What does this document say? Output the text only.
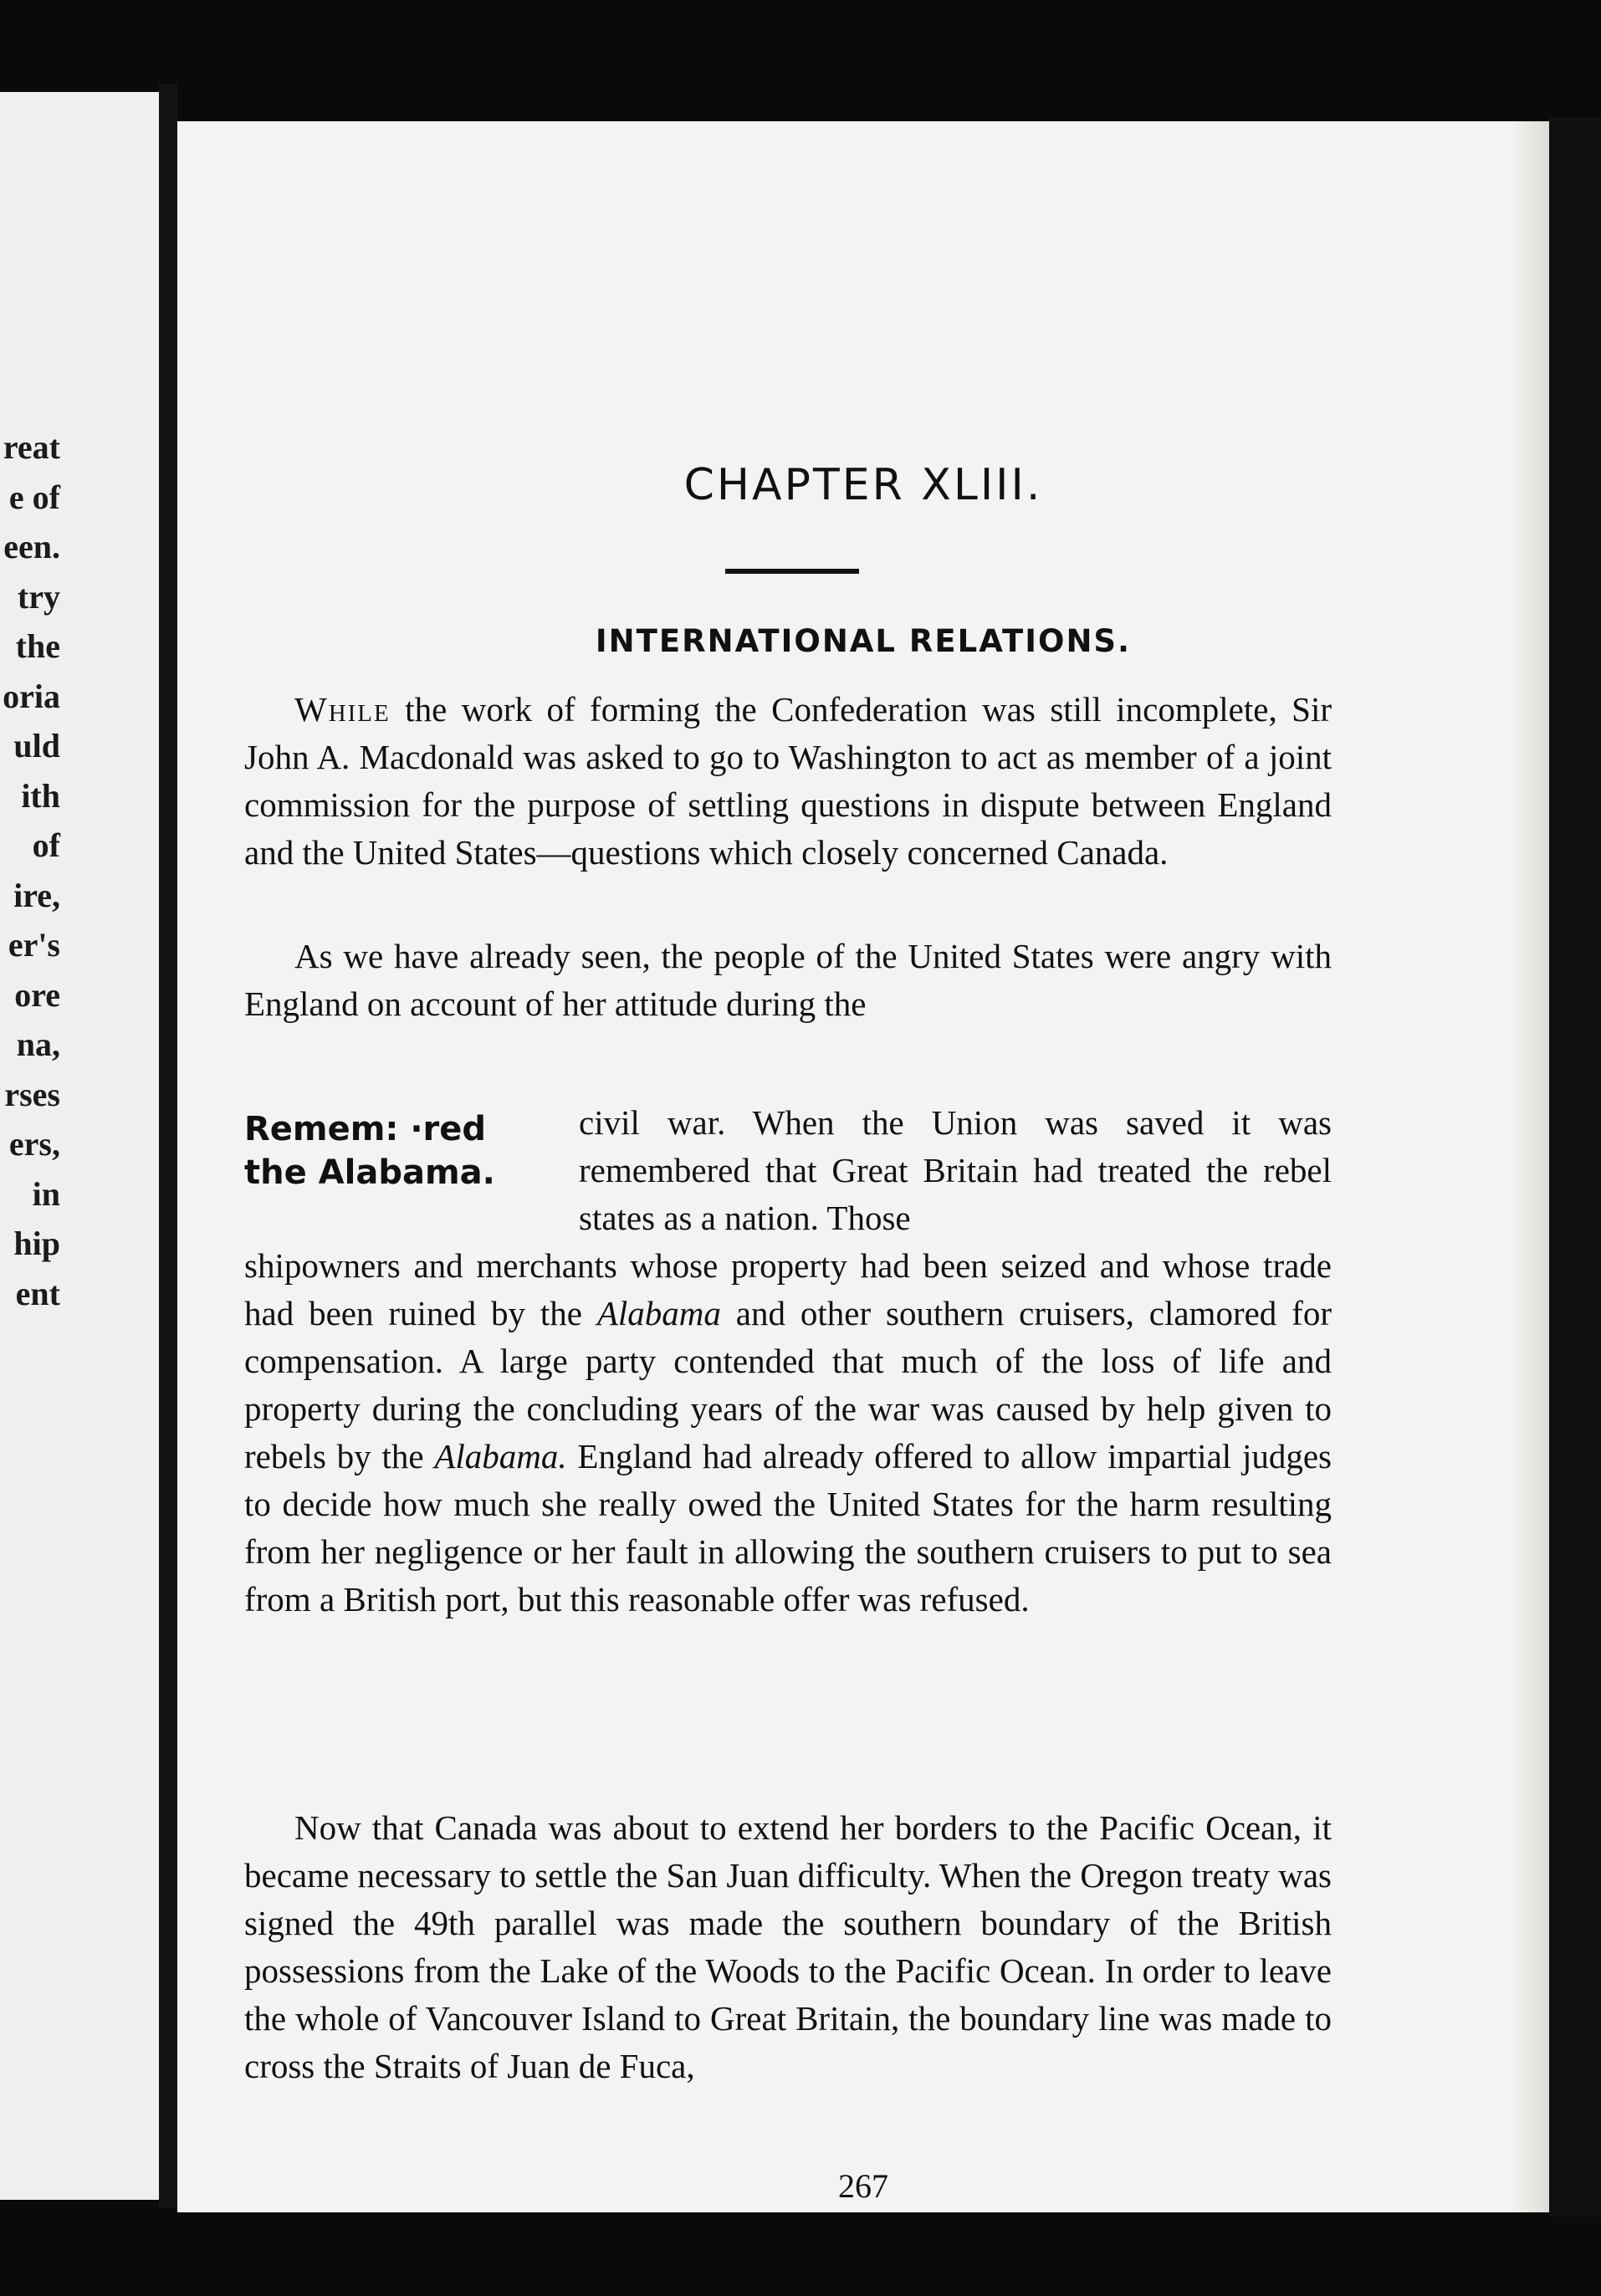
reat
e of
een.
try
the
oria
uld
ith
of
ire,
er's
ore
na,
rses
ers,
in
hip
ent
CHAPTER XLIII.
INTERNATIONAL RELATIONS.
While the work of forming the Confederation was still incomplete, Sir John A. Macdonald was asked to go to Washington to act as member of a joint commission for the purpose of settling questions in dispute between England and the United States—questions which closely concerned Canada.
As we have already seen, the people of the United States were angry with England on account of her attitude during the
Remem: ·red
the Alabama.
civil war. When the Union was saved it was remembered that Great Britain had treated the rebel states as a nation. Those
shipowners and merchants whose property had been seized and whose trade had been ruined by the Alabama and other southern cruisers, clamored for compensation. A large party contended that much of the loss of life and property during the concluding years of the war was caused by help given to rebels by the Alabama. England had already offered to allow impartial judges to decide how much she really owed the United States for the harm resulting from her negligence or her fault in allowing the southern cruisers to put to sea from a British port, but this reasonable offer was refused.
Now that Canada was about to extend her borders to the Pacific Ocean, it became necessary to settle the San Juan difficulty. When the Oregon treaty was signed the 49th parallel was made the southern boundary of the British possessions from the Lake of the Woods to the Pacific Ocean. In order to leave the whole of Vancouver Island to Great Britain, the boundary line was made to cross the Straits of Juan de Fuca,
267
